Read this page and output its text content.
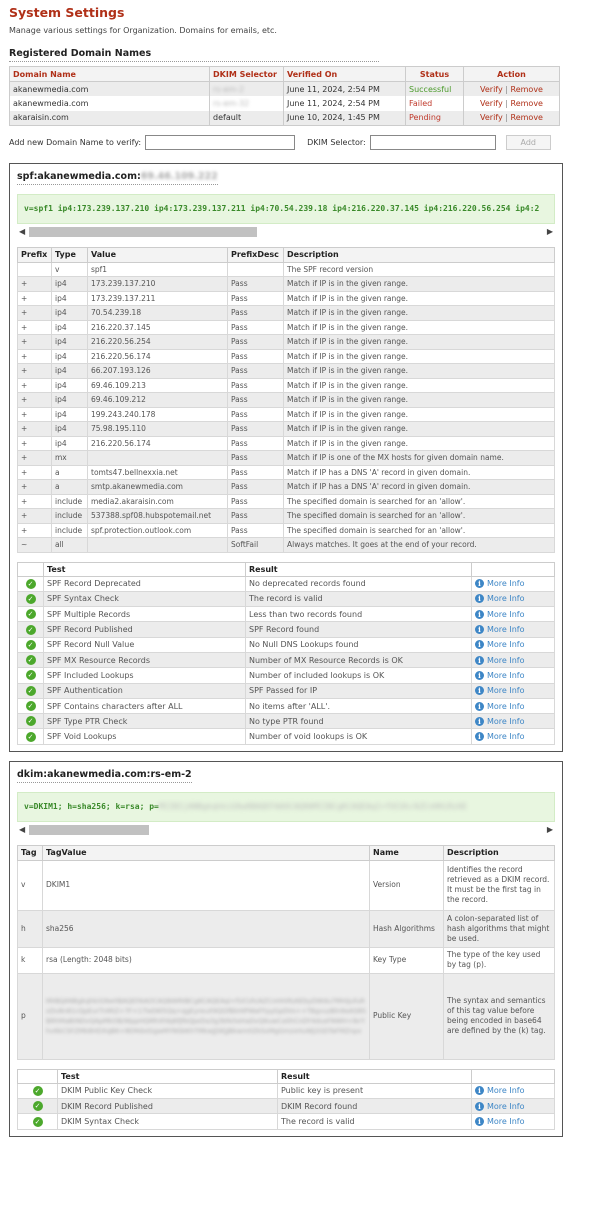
System Settings
Manage various settings for Organization. Domains for emails, etc.
Registered Domain Names
Domain Name	DKIM Selector	Verified On	Status	Action
akanewmedia.com	rs-em-2	June 11, 2024, 2:54 PM	Successful	Verify | Remove
akanewmedia.com	rs-em-32	June 11, 2024, 2:54 PM	Failed	Verify | Remove
akaraisin.com	default	June 10, 2024, 1:45 PM	Pending	Verify | Remove
Add new Domain Name to verify:	DKIM Selector:	Add
spf:akanewmedia.com:69.46.109.222
v=spf1 ip4:173.239.137.210 ip4:173.239.137.211 ip4:70.54.239.18 ip4:216.220.37.145 ip4:216.220.56.254 ip4:2
◀	▶
Prefix	Type	Value	PrefixDesc	Description
	v	spf1		The SPF record version
+	ip4	173.239.137.210	Pass	Match if IP is in the given range.
+	ip4	173.239.137.211	Pass	Match if IP is in the given range.
+	ip4	70.54.239.18	Pass	Match if IP is in the given range.
+	ip4	216.220.37.145	Pass	Match if IP is in the given range.
+	ip4	216.220.56.254	Pass	Match if IP is in the given range.
+	ip4	216.220.56.174	Pass	Match if IP is in the given range.
+	ip4	66.207.193.126	Pass	Match if IP is in the given range.
+	ip4	69.46.109.213	Pass	Match if IP is in the given range.
+	ip4	69.46.109.212	Pass	Match if IP is in the given range.
+	ip4	199.243.240.178	Pass	Match if IP is in the given range.
+	ip4	75.98.195.110	Pass	Match if IP is in the given range.
+	ip4	216.220.56.174	Pass	Match if IP is in the given range.
+	mx		Pass	Match if IP is one of the MX hosts for given domain name.
+	a	tomts47.bellnexxia.net	Pass	Match if IP has a DNS 'A' record in given domain.
+	a	smtp.akanewmedia.com	Pass	Match if IP has a DNS 'A' record in given domain.
+	include	media2.akaraisin.com	Pass	The specified domain is searched for an 'allow'.
+	include	537388.spf08.hubspotemail.net	Pass	The specified domain is searched for an 'allow'.
+	include	spf.protection.outlook.com	Pass	The specified domain is searched for an 'allow'.
~	all		SoftFail	Always matches. It goes at the end of your record.
	Test	Result	
✓	SPF Record Deprecated	No deprecated records found	i More Info
✓	SPF Syntax Check	The record is valid	i More Info
✓	SPF Multiple Records	Less than two records found	i More Info
✓	SPF Record Published	SPF Record found	i More Info
✓	SPF Record Null Value	No Null DNS Lookups found	i More Info
✓	SPF MX Resource Records	Number of MX Resource Records is OK	i More Info
✓	SPF Included Lookups	Number of included lookups is OK	i More Info
✓	SPF Authentication	SPF Passed for IP	i More Info
✓	SPF Contains characters after ALL	No items after 'ALL'.	i More Info
✓	SPF Type PTR Check	No type PTR found	i More Info
✓	SPF Void Lookups	Number of void lookups is OK	i More Info
dkim:akanewmedia.com:rs-em-2
v=DKIM1; h=sha256; k=rsa; p=MIIBIjANBgkqhkiG9w0BAQEFAAOCAQ8AMIIBCgKCAQEAqI+fUCUh/AZCnHHiRz6E
◀	▶
Tag	TagValue	Name	Description
v	DKIM1	Version	Identifies the record retrieved as a DKIM record. It must be the first tag in the record.
h	sha256	Hash Algorithms	A colon-separated list of hash algorithms that might be used.
k	rsa (Length: 2048 bits)	Key Type	The type of the key used by tag (p).
p	MIIBIjANBgkqhkiG9w0BAQEFAAOCAQ8AMIIBCgKCAQEAqI+fUCUh/AZCnHHiRz6EbyDWdu7MHiJufuRxDv8n81cQpEurTnMiZ+7F+17leD6l5Qq+qgEyreuX9QGfBkHIPWaFFpyGpDVs++TBgvuzBln6eAS8SBRhMaBtNDvQApMkOB/WppHQMhXhbJ6fJfbQJaiDa3g3bfe5eHaDvQ6uwCaShCnDY4dusFNWH+ibrYhv6kCSFZMk8HDXqB6+8EMdxIGgwMYNSbKhTMkwJjSKjJBkwm0ZkSxMgGmzxHuWJ2GDTaFMZnpx	Public Key	The syntax and semantics of this tag value before being encoded in base64 are defined by the (k) tag.
	Test	Result	
✓	DKIM Public Key Check	Public key is present	i More Info
✓	DKIM Record Published	DKIM Record found	i More Info
✓	DKIM Syntax Check	The record is valid	i More Info
